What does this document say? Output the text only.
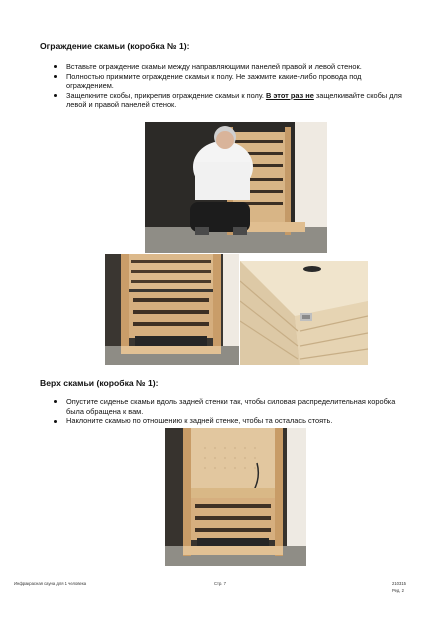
Ограждение скамьи (коробка № 1):
Вставьте ограждение скамьи между направляющими панелей правой и левой стенок.
Полностью прижмите ограждение скамьи к полу. Не зажмите какие-либо провода под ограждением.
Защелкните скобы, прикрепив ограждение скамьи к полу. В этот раз не защелкивайте скобы для левой и правой панелей стенок.
Верх скамьи (коробка № 1):
Опустите сиденье скамьи вдоль задней стенки так, чтобы силовая распределительная коробка была обращена к вам.
Наклоните скамью по отношению к задней стенке, чтобы та осталась стоять.
Инфракрасная сауна для 1 человека	Стр. 7	210315
Ред. 2
